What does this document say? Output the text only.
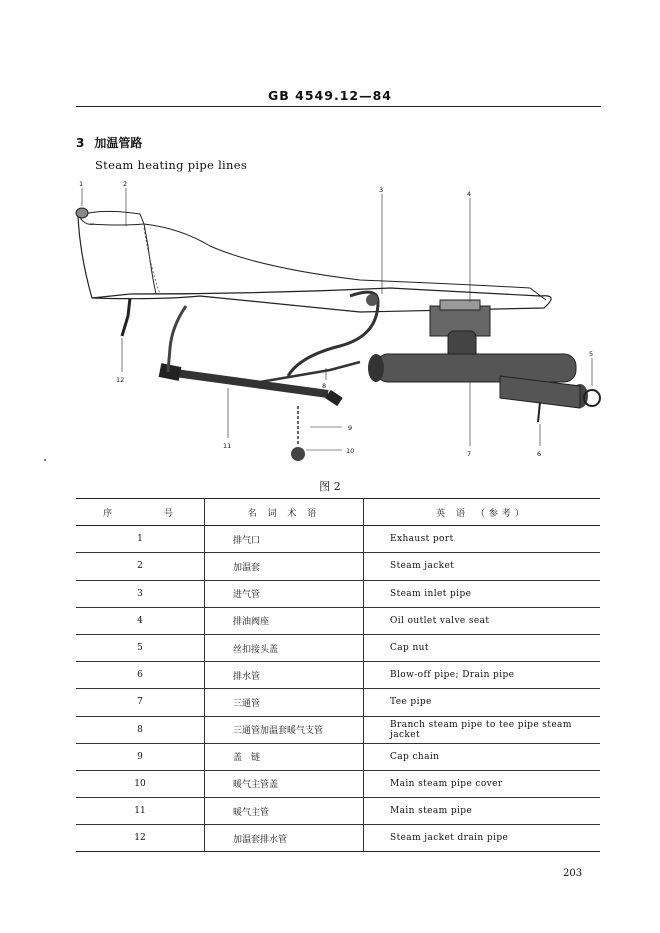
GB 4549.12—84
3 加温管路
Steam heating pipe lines
1	2
3	4
5
6
7
8
9
10
11
12
图 2
序 号	名 词 术 语	英 语 （参考）
1	排气口	Exhaust port
2	加温套	Steam jacket
3	进气管	Steam inlet pipe
4	排油阀座	Oil outlet valve seat
5	丝扣接头盖	Cap nut
6	排水管	Blow-off pipe; Drain pipe
7	三通管	Tee pipe
8	三通管加温套暖气支管	Branch steam pipe to tee pipe steam jacket
9	盖　链	Cap chain
10	暖气主管盖	Main steam pipe cover
11	暖气主管	Main steam pipe
12	加温套排水管	Steam jacket drain pipe
203
